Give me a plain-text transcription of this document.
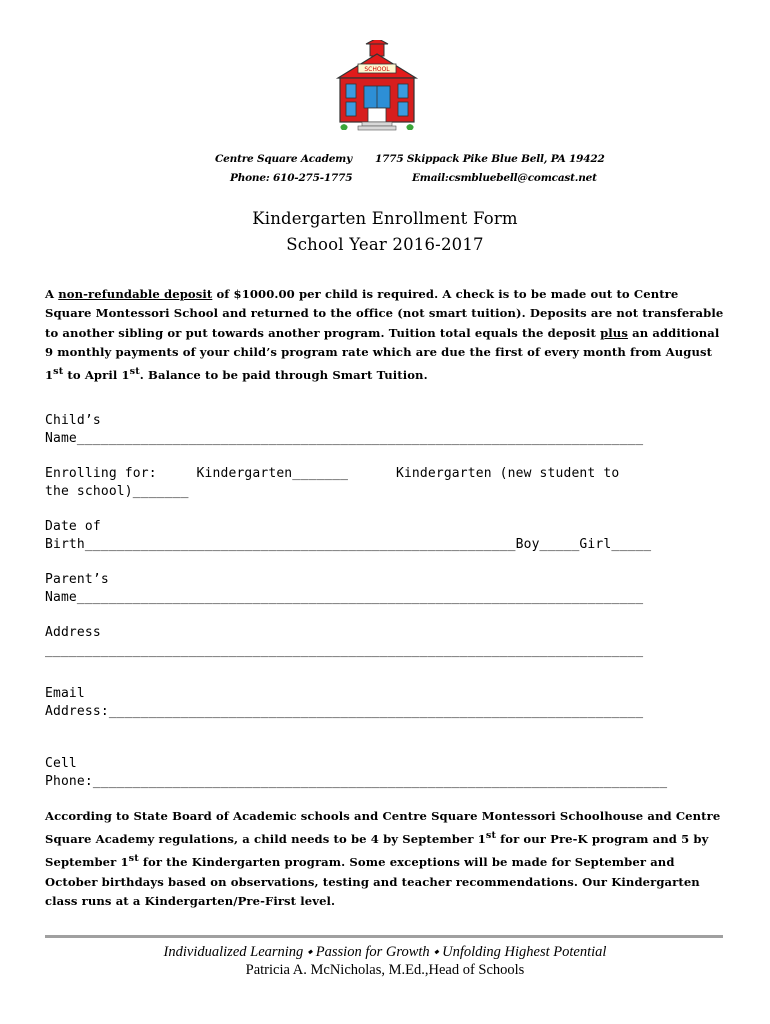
SCHOOL
Centre Square Academy
Phone: 610-275-1775
1775 Skippack Pike Blue Bell, PA 19422
Email:csmbluebell@comcast.net
Kindergarten Enrollment Form
School Year 2016-2017
A non-refundable deposit of $1000.00 per child is required. A check is to be made out to Centre Square Montessori School and returned to the office (not smart tuition). Deposits are not transferable to another sibling or put towards another program. Tuition total equals the deposit plus an additional 9 monthly payments of your child’s program rate which are due the first of every month from August 1st to April 1st. Balance to be paid through Smart Tuition.
Child’s
Name_______________________________________________________________________
Enrolling for:     Kindergarten_______      Kindergarten (new student to
the school)_______
Date of
Birth______________________________________________________Boy_____Girl_____
Parent’s
Name_______________________________________________________________________
Address
___________________________________________________________________________
Email
Address:___________________________________________________________________
Cell
Phone:________________________________________________________________________
According to State Board of Academic schools and Centre Square Montessori Schoolhouse and Centre Square Academy regulations, a child needs to be 4 by September 1st for our Pre-K program and 5 by September 1st for the Kindergarten program. Some exceptions will be made for September and October birthdays based on observations, testing and teacher recommendations. Our Kindergarten class runs at a Kindergarten/Pre-First level.
Individualized Learning ⬩ Passion for Growth ⬩ Unfolding Highest Potential
Patricia A. McNicholas, M.Ed.,Head of Schools
